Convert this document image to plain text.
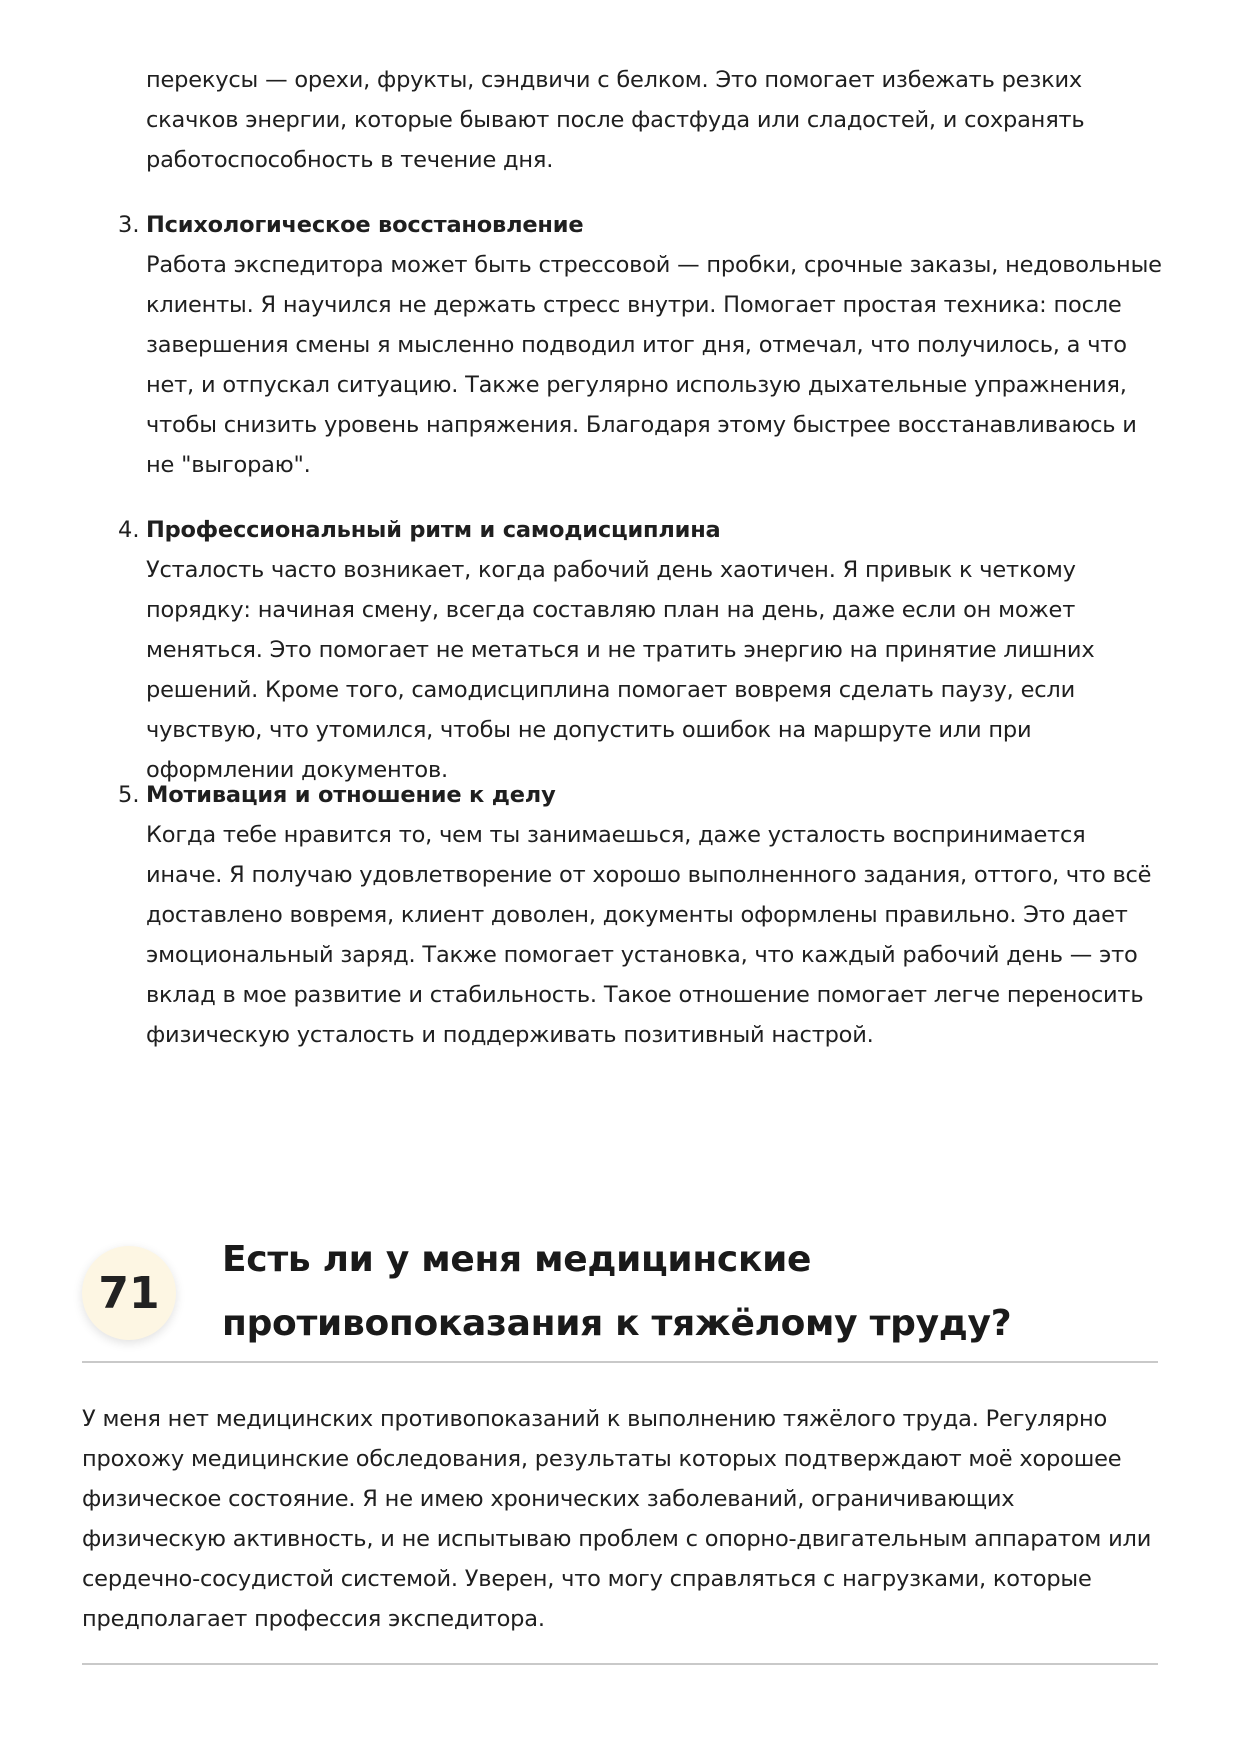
перекусы — орехи, фрукты, сэндвичи с белком. Это помогает избежать резких скачков энергии, которые бывают после фастфуда или сладостей, и сохранять работоспособность в течение дня.

3. Психологическое восстановление

Работа экспедитора может быть стрессовой — пробки, срочные заказы, недовольные клиенты. Я научился не держать стресс внутри. Помогает простая техника: после завершения смены я мысленно подводил итог дня, отмечал, что получилось, а что нет, и отпускал ситуацию. Также регулярно использую дыхательные упражнения, чтобы снизить уровень напряжения. Благодаря этому быстрее восстанавливаюсь и не "выгораю".

4. Профессиональный ритм и самодисциплина

Усталость часто возникает, когда рабочий день хаотичен. Я привык к четкому порядку: начиная смену, всегда составляю план на день, даже если он может меняться. Это помогает не метаться и не тратить энергию на принятие лишних решений. Кроме того, самодисциплина помогает вовремя сделать паузу, если чувствую, что утомился, чтобы не допустить ошибок на маршруте или при оформлении документов.

5. Мотивация и отношение к делу

Когда тебе нравится то, чем ты занимаешься, даже усталость воспринимается иначе. Я получаю удовлетворение от хорошо выполненного задания, оттого, что всё доставлено вовремя, клиент доволен, документы оформлены правильно. Это дает эмоциональный заряд. Также помогает установка, что каждый рабочий день — это вклад в мое развитие и стабильность. Такое отношение помогает легче переносить физическую усталость и поддерживать позитивный настрой.

71
Есть ли у меня медицинские противопоказания к тяжёлому труду?

У меня нет медицинских противопоказаний к выполнению тяжёлого труда. Регулярно прохожу медицинские обследования, результаты которых подтверждают моё хорошее физическое состояние. Я не имею хронических заболеваний, ограничивающих физическую активность, и не испытываю проблем с опорно-двигательным аппаратом или сердечно-сосудистой системой. Уверен, что могу справляться с нагрузками, которые предполагает профессия экспедитора.
